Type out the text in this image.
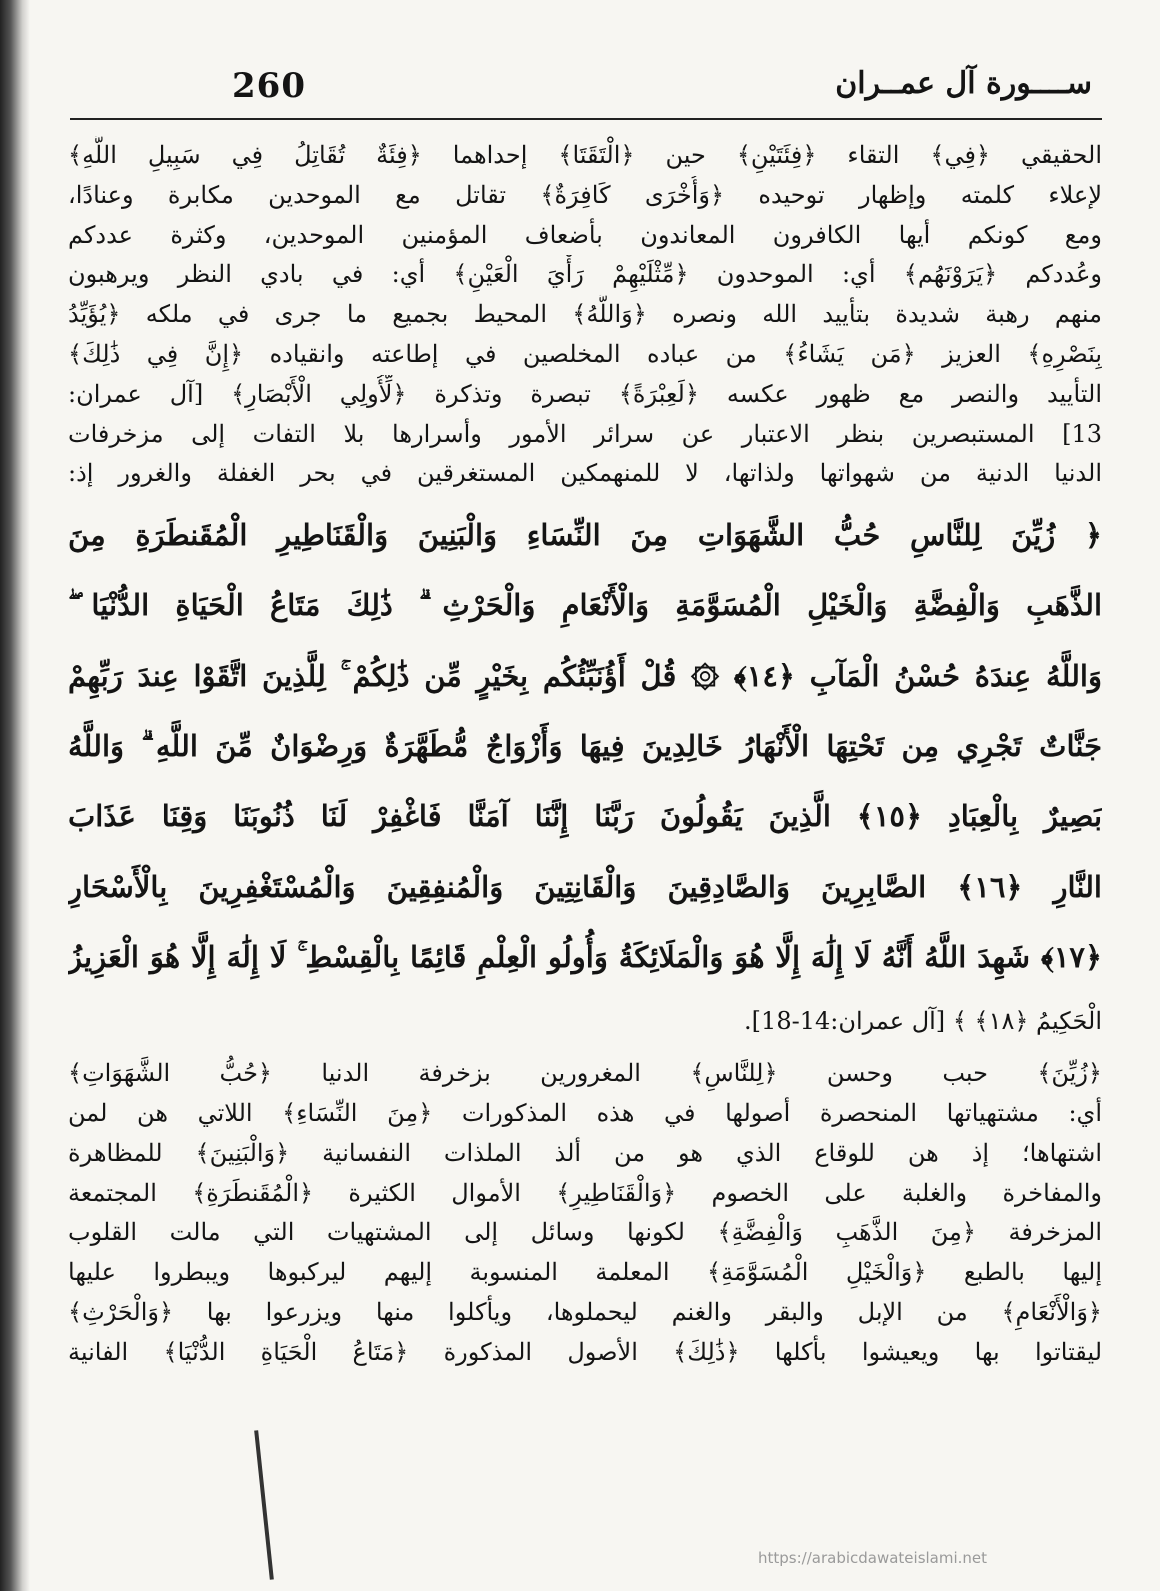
260	ســــورة آل عمــران
الحقيقي ﴿فِي﴾ التقاء ﴿فِئَتَيْنِ﴾ حين ﴿الْتَقَتَا﴾ إحداهما ﴿فِئَةٌ تُقَاتِلُ فِي سَبِيلِ اللَّهِ﴾
لإعلاء كلمته وإظهار توحيده ﴿وَأُخْرَى كَافِرَةٌ﴾ تقاتل مع الموحدين مكابرة وعنادًا،
ومع كونكم أيها الكافرون المعاندون بأضعاف المؤمنين الموحدين، وكثرة عددكم
وعُددكم ﴿يَرَوْنَهُم﴾ أي: الموحدون ﴿مِّثْلَيْهِمْ رَأْيَ الْعَيْنِ﴾ أي: في بادي النظر ويرهبون
منهم رهبة شديدة بتأييد الله ونصره ﴿وَاللَّهُ﴾ المحيط بجميع ما جرى في ملكه ﴿يُؤَيِّدُ
بِنَصْرِهِ﴾ العزيز ﴿مَن يَشَاءُ﴾ من عباده المخلصين في إطاعته وانقياده ﴿إِنَّ فِي ذَٰلِكَ﴾
التأييد والنصر مع ظهور عكسه ﴿لَعِبْرَةً﴾ تبصرة وتذكرة ﴿لِّأُولِي الْأَبْصَارِ﴾ [آل عمران:
13] المستبصرين بنظر الاعتبار عن سرائر الأمور وأسرارها بلا التفات إلى مزخرفات
الدنيا الدنية من شهواتها ولذاتها، لا للمنهمكين المستغرقين في بحر الغفلة والغرور إذ:
﴿ زُيِّنَ لِلنَّاسِ حُبُّ الشَّهَوَاتِ مِنَ النِّسَاءِ وَالْبَنِينَ وَالْقَنَاطِيرِ الْمُقَنطَرَةِ مِنَ
الذَّهَبِ وَالْفِضَّةِ وَالْخَيْلِ الْمُسَوَّمَةِ وَالْأَنْعَامِ وَالْحَرْثِ ۗ ذَٰلِكَ مَتَاعُ الْحَيَاةِ الدُّنْيَا ۖ
وَاللَّهُ عِندَهُ حُسْنُ الْمَآبِ ﴿١٤﴾ ۞ قُلْ أَؤُنَبِّئُكُم بِخَيْرٍ مِّن ذَٰلِكُمْ ۚ لِلَّذِينَ اتَّقَوْا عِندَ رَبِّهِمْ
جَنَّاتٌ تَجْرِي مِن تَحْتِهَا الْأَنْهَارُ خَالِدِينَ فِيهَا وَأَزْوَاجٌ مُّطَهَّرَةٌ وَرِضْوَانٌ مِّنَ اللَّهِ ۗ وَاللَّهُ
بَصِيرٌ بِالْعِبَادِ ﴿١٥﴾ الَّذِينَ يَقُولُونَ رَبَّنَا إِنَّنَا آمَنَّا فَاغْفِرْ لَنَا ذُنُوبَنَا وَقِنَا عَذَابَ
النَّارِ ﴿١٦﴾ الصَّابِرِينَ وَالصَّادِقِينَ وَالْقَانِتِينَ وَالْمُنفِقِينَ وَالْمُسْتَغْفِرِينَ بِالْأَسْحَارِ
﴿١٧﴾ شَهِدَ اللَّهُ أَنَّهُ لَا إِلَٰهَ إِلَّا هُوَ وَالْمَلَائِكَةُ وَأُولُو الْعِلْمِ قَائِمًا بِالْقِسْطِ ۚ لَا إِلَٰهَ إِلَّا هُوَ الْعَزِيزُ
الْحَكِيمُ ﴿١٨﴾ ﴾ [آل عمران:14-18].
﴿زُيِّنَ﴾ حبب وحسن ﴿لِلنَّاسِ﴾ المغرورين بزخرفة الدنيا ﴿حُبُّ الشَّهَوَاتِ﴾
أي: مشتهياتها المنحصرة أصولها في هذه المذكورات ﴿مِنَ النِّسَاءِ﴾ اللاتي هن لمن
اشتهاها؛ إذ هن للوقاع الذي هو من ألذ الملذات النفسانية ﴿وَالْبَنِينَ﴾ للمظاهرة
والمفاخرة والغلبة على الخصوم ﴿وَالْقَنَاطِيرِ﴾ الأموال الكثيرة ﴿الْمُقَنطَرَةِ﴾ المجتمعة
المزخرفة ﴿مِنَ الذَّهَبِ وَالْفِضَّةِ﴾ لكونها وسائل إلى المشتهيات التي مالت القلوب
إليها بالطبع ﴿وَالْخَيْلِ الْمُسَوَّمَةِ﴾ المعلمة المنسوبة إليهم ليركبوها ويبطروا عليها
﴿وَالْأَنْعَامِ﴾ من الإبل والبقر والغنم ليحملوها، ويأكلوا منها ويزرعوا بها ﴿وَالْحَرْثِ﴾
ليقتاتوا بها ويعيشوا بأكلها ﴿ذَٰلِكَ﴾ الأصول المذكورة ﴿مَتَاعُ الْحَيَاةِ الدُّنْيَا﴾ الفانية
https://arabicdawateislami.net
